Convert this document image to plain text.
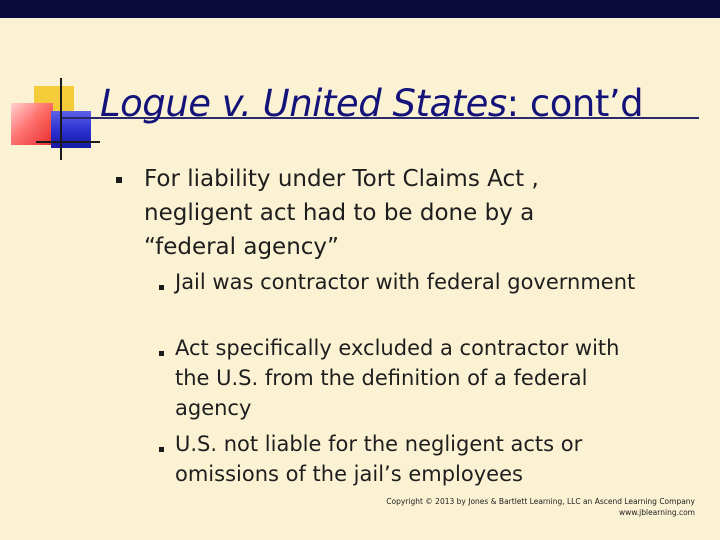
Logue v. United States: cont’d

For liability under Tort Claims Act , negligent act had to be done by a “federal agency”

Jail was contractor with federal government

Act specifically excluded a contractor with the U.S. from the definition of a federal agency

U.S. not liable for the negligent acts or omissions of the jail’s employees

Copyright © 2013 by Jones & Bartlett Learning, LLC an Ascend Learning Company
www.jblearning.com
